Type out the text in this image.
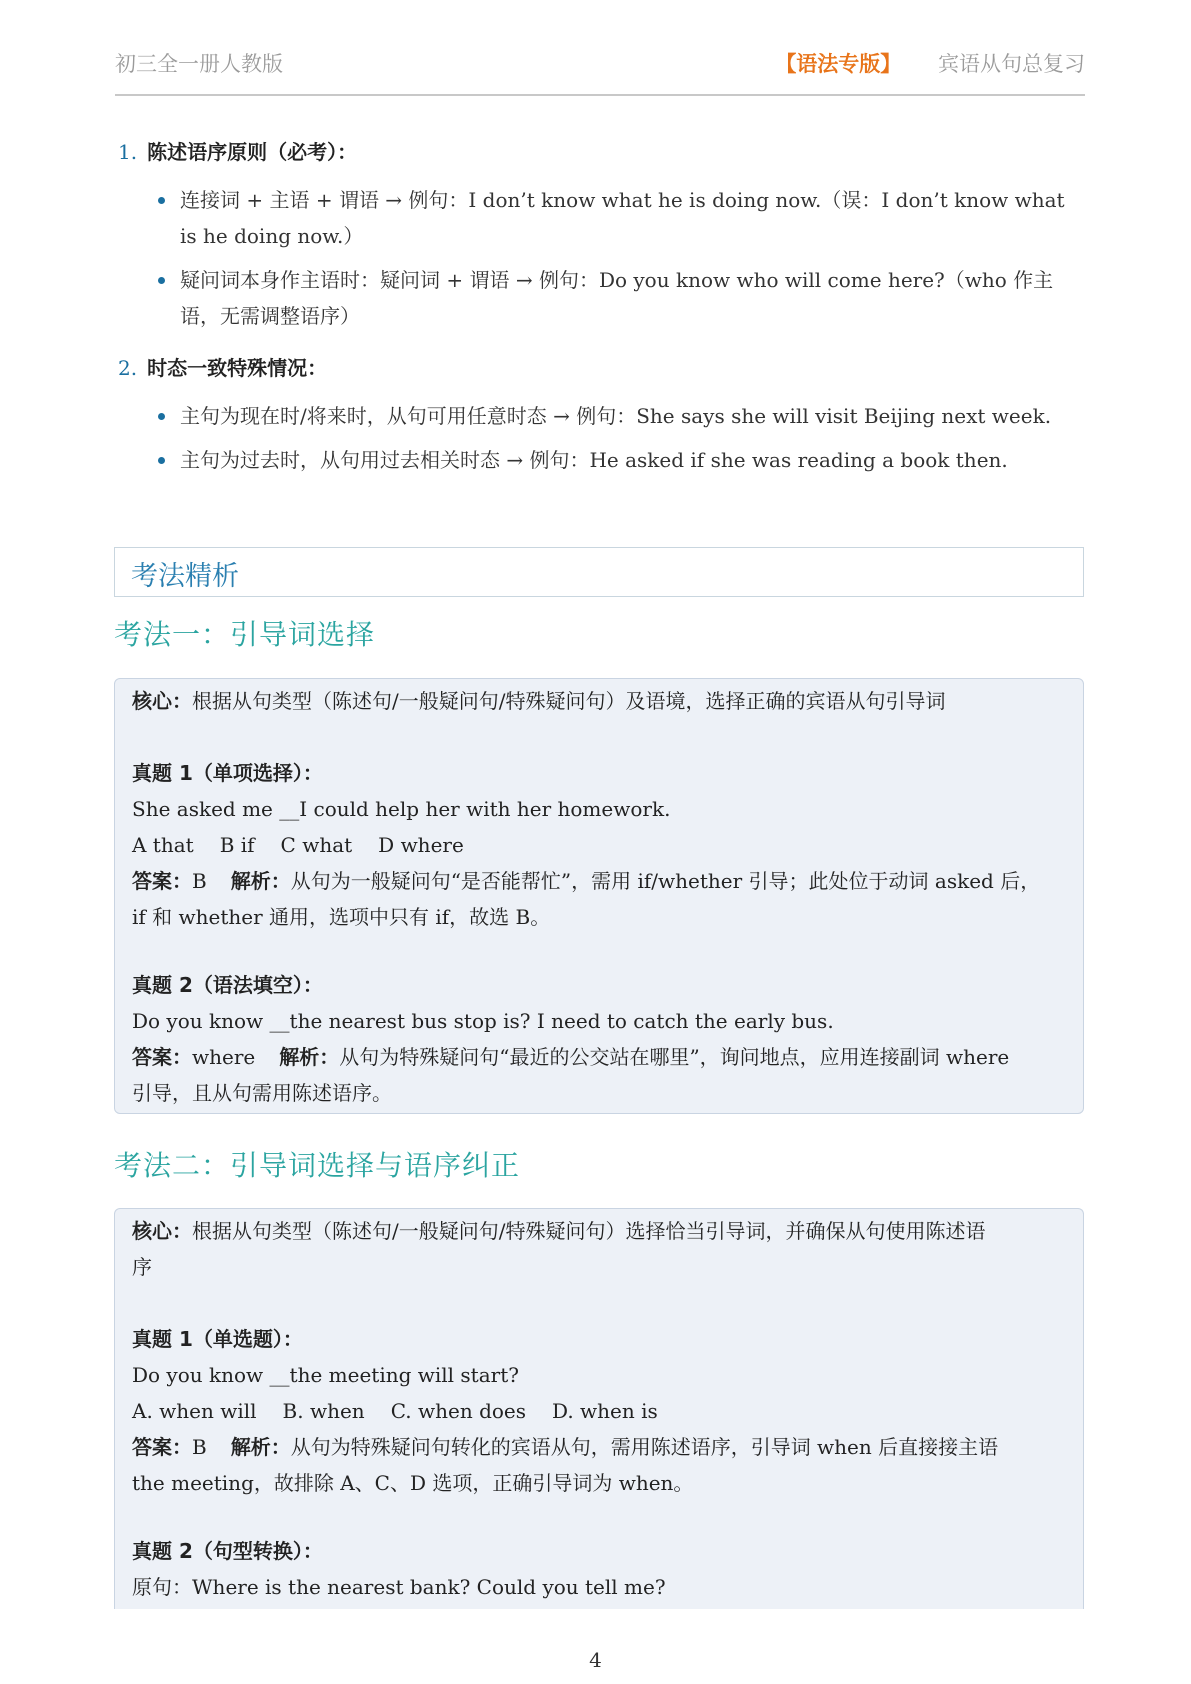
初三全一册人教版	【语法专版】 宾语从句总复习
1. 陈述语序原则（必考）：
连接词 + 主语 + 谓语 → 例句：I don’t know what he is doing now.（误：I don’t know what is he doing now.）
疑问词本身作主语时：疑问词 + 谓语 → 例句：Do you know who will come here?（who 作主语，无需调整语序）
2. 时态一致特殊情况：
主句为现在时/将来时，从句可用任意时态 → 例句：She says she will visit Beijing next week.
主句为过去时，从句用过去相关时态 → 例句：He asked if she was reading a book then.
考法精析
考法一：引导词选择
核心：根据从句类型（陈述句/一般疑问句/特殊疑问句）及语境，选择正确的宾语从句引导词
真题 1（单项选择）：
She asked me __I could help her with her homework.
A that B if C what D where
答案：B 解析：从句为一般疑问句“是否能帮忙”，需用 if/whether 引导；此处位于动词 asked 后，
if 和 whether 通用，选项中只有 if，故选 B。
真题 2（语法填空）：
Do you know __the nearest bus stop is? I need to catch the early bus.
答案：where 解析：从句为特殊疑问句“最近的公交站在哪里”，询问地点，应用连接副词 where
引导，且从句需用陈述语序。
考法二：引导词选择与语序纠正
核心：根据从句类型（陈述句/一般疑问句/特殊疑问句）选择恰当引导词，并确保从句使用陈述语
序
真题 1（单选题）：
Do you know __the meeting will start?
A. when will B. when C. when does D. when is
答案：B 解析：从句为特殊疑问句转化的宾语从句，需用陈述语序，引导词 when 后直接接主语
the meeting，故排除 A、C、D 选项，正确引导词为 when。
真题 2（句型转换）：
原句：Where is the nearest bank? Could you tell me?
4
